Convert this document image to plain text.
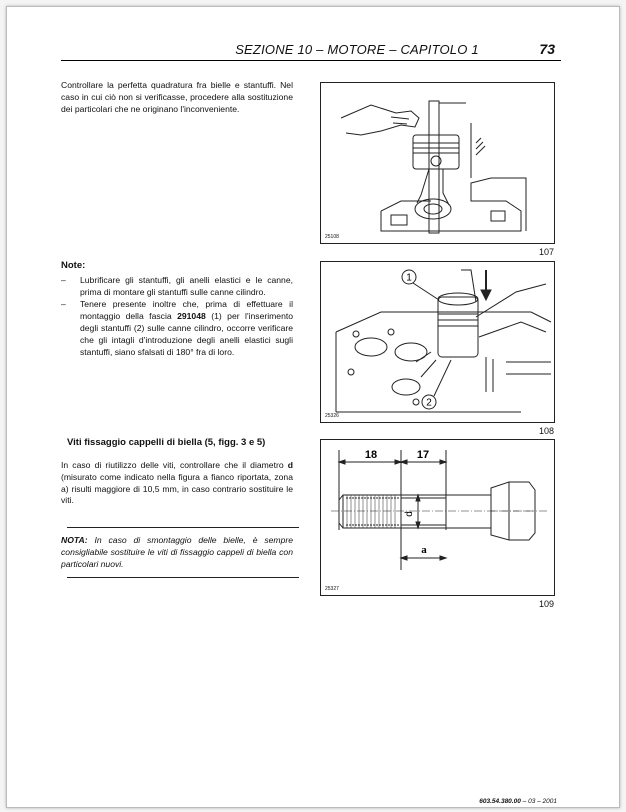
SEZIONE 10 – MOTORE – CAPITOLO 1	73

Controllare la perfetta quadratura fra bielle e stantuffi. Nel caso in cui ciò non si verificasse, procedere alla sostituzione dei particolari che ne originano l'inconveniente.

25108
107
Note:
– Lubrificare gli stantuffi, gli anelli elastici e le canne, prima di montare gli stantuffi sulle canne cilindro.
– Tenere presente inoltre che, prima di effettuare il montaggio della fascia 291048 (1) per l'inserimento degli stantuffi (2) sulle canne cilindro, occorre verificare che gli intagli d'introduzione degli anelli elastici sugli stantuffi, siano sfalsati di 180° fra di loro.
1
2
25326
108
Viti fissaggio cappelli di biella (5, figg. 3 e 5)

In caso di riutilizzo delle viti, controllare che il diametro d (misurato come indicato nella figura a fianco riportata, zona a) risulti maggiore di 10,5 mm, in caso contrario sostituire le viti.

NOTA: In caso di smontaggio delle bielle, è sempre consigliabile sostituire le viti di fissaggio cappeli di biella con particolari nuovi.

18	17
d
a
25327
109
603.54.380.00 – 03 – 2001
